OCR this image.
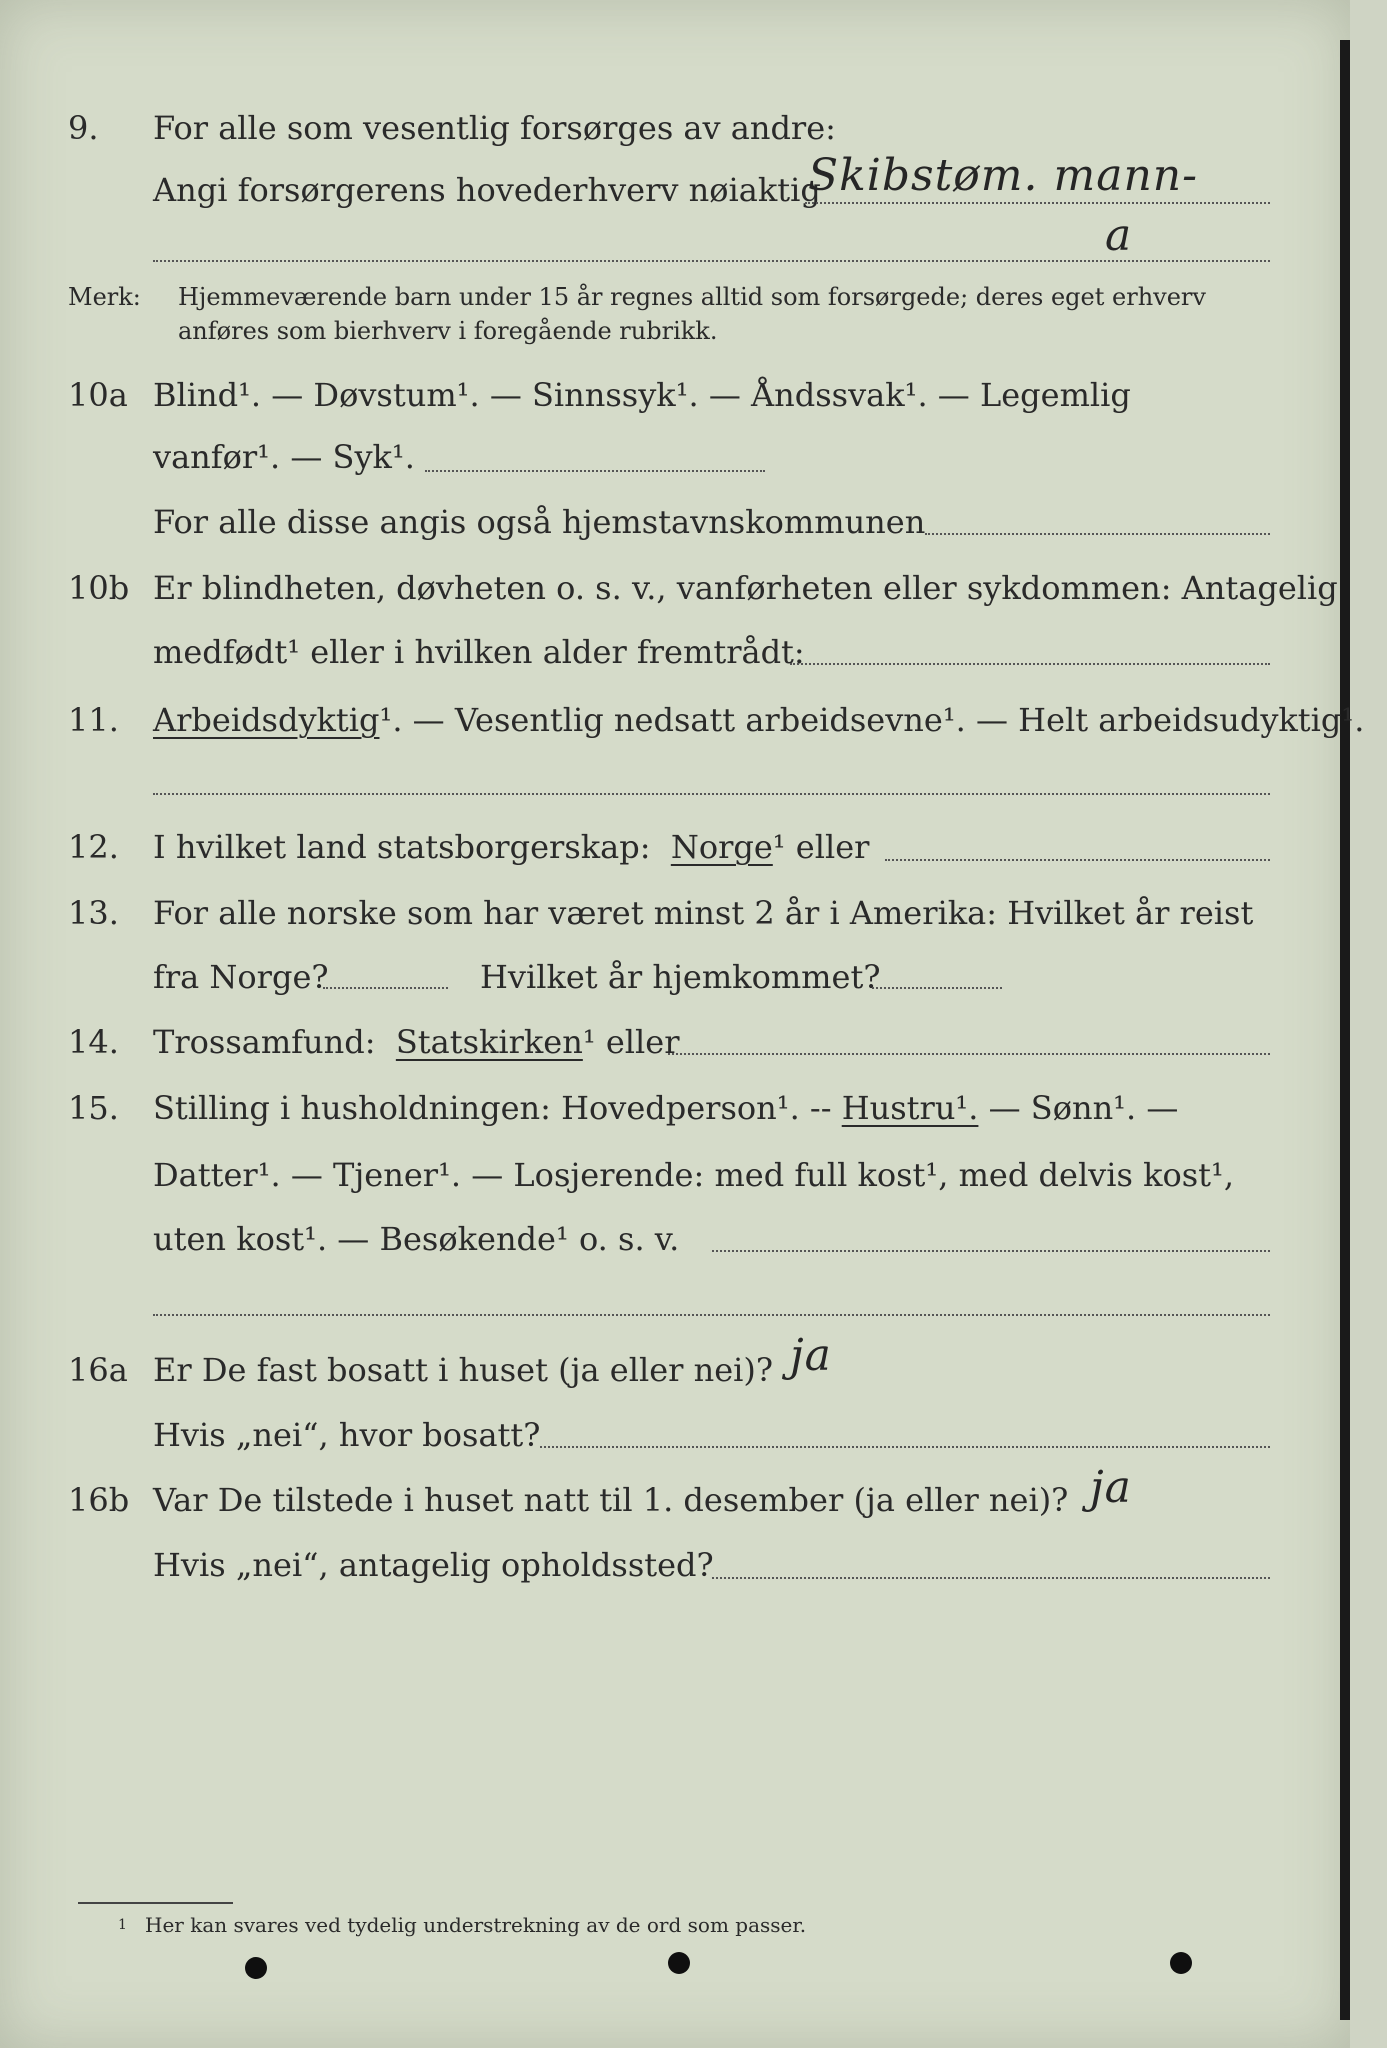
9. For alle som vesentlig forsørges av andre:
Angi forsørgerens hovederhverv nøiaktig
Skibstøm. mann-
a
Merk: Hjemmeværende barn under 15 år regnes alltid som forsørgede; deres eget erhverv
anføres som bierhverv i foregående rubrikk.
10a Blind¹. — Døvstum¹. — Sinnssyk¹. — Åndssvak¹. — Legemlig
vanfør¹. — Syk¹.
For alle disse angis også hjemstavnskommunen
10b Er blindheten, døvheten o. s. v., vanførheten eller sykdommen: Antagelig
medfødt¹ eller i hvilken alder fremtrådt:
11. Arbeidsdyktig¹. — Vesentlig nedsatt arbeidsevne¹. — Helt arbeidsudyktig¹.
12. I hvilket land statsborgerskap: Norge¹ eller
13. For alle norske som har været minst 2 år i Amerika: Hvilket år reist
fra Norge?	Hvilket år hjemkommet?
14. Trossamfund: Statskirken¹ eller
15. Stilling i husholdningen: Hovedperson¹. -- Hustru¹. — Sønn¹. —
Datter¹. — Tjener¹. — Losjerende: med full kost¹, med delvis kost¹,
uten kost¹. — Besøkende¹ o. s. v.
16a Er De fast bosatt i huset (ja eller nei)? ja
Hvis „nei“, hvor bosatt?
16b Var De tilstede i huset natt til 1. desember (ja eller nei)? ja
Hvis „nei“, antagelig opholdssted?
1 Her kan svares ved tydelig understrekning av de ord som passer.
